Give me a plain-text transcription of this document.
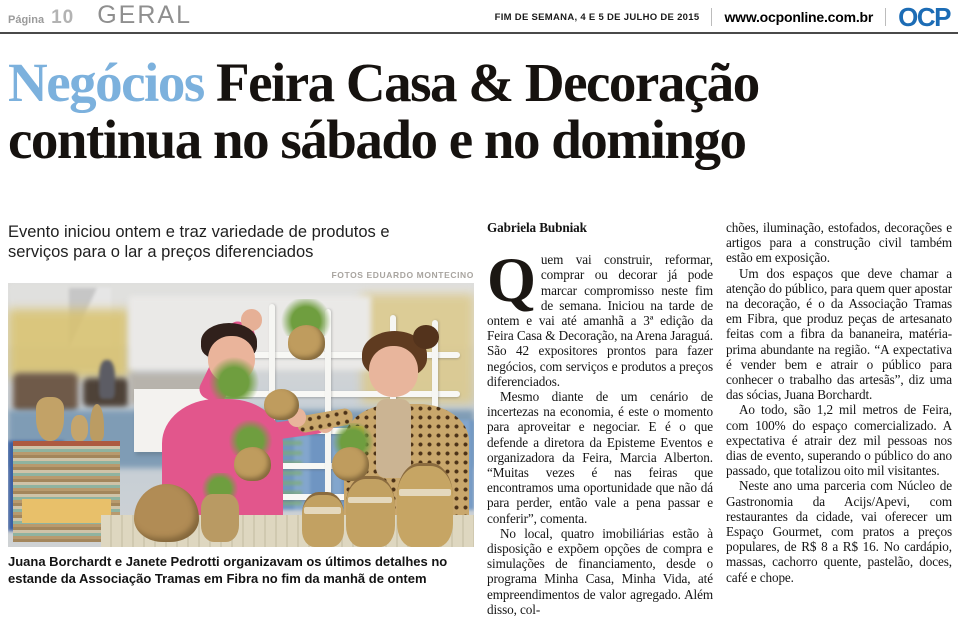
Página 10 GERAL	FIM DE SEMANA, 4 E 5 DE JULHO DE 2015 www.ocponline.com.br OCP
Negócios Feira Casa & Decoração continua no sábado e no domingo

Evento iniciou ontem e traz variedade de produtos e serviços para o lar a preços diferenciados

FOTOS EDUARDO MONTECINO

Juana Borchardt e Janete Pedrotti organizavam os últimos detalhes no estande da Associação Tramas em Fibra no fim da manhã de ontem

Gabriela Bubniak

Quem vai construir, reformar, comprar ou decorar já pode marcar compromisso neste fim de semana. Iniciou na tarde de ontem e vai até amanhã a 3ª edição da Feira Casa & Decoração, na Arena Jaraguá. São 42 expositores prontos para fazer negócios, com serviços e produtos a preços diferenciados.

Mesmo diante de um cenário de incertezas na economia, é este o momento para aproveitar e negociar. E é o que defende a diretora da Episteme Eventos e organizadora da Feira, Marcia Alberton. “Muitas vezes é nas feiras que encontramos uma oportunidade que não dá para perder, então vale a pena passar e conferir”, comenta.

No local, quatro imobiliárias estão à disposição e expõem opções de compra e simulações de financiamento, desde o programa Minha Casa, Minha Vida, até empreendimentos de valor agregado. Além disso, col-

chões, iluminação, estofados, decorações e artigos para a construção civil também estão em exposição.

Um dos espaços que deve chamar a atenção do público, para quem quer apostar na decoração, é o da Associação Tramas em Fibra, que produz peças de artesanato feitas com a fibra da bananeira, matéria-prima abundante na região. “A expectativa é vender bem e atrair o público para conhecer o trabalho das artesãs”, diz uma das sócias, Juana Borchardt.

Ao todo, são 1,2 mil metros de Feira, com 100% do espaço comercializado. A expectativa é atrair dez mil pessoas nos dias de evento, superando o público do ano passado, que totalizou oito mil visitantes.

Neste ano uma parceria com Núcleo de Gastronomia da Acijs/Apevi, com restaurantes da cidade, vai oferecer um Espaço Gourmet, com pratos a preços populares, de R$ 8 a R$ 16. No cardápio, massas, cachorro quente, pastelão, doces, café e chope.
